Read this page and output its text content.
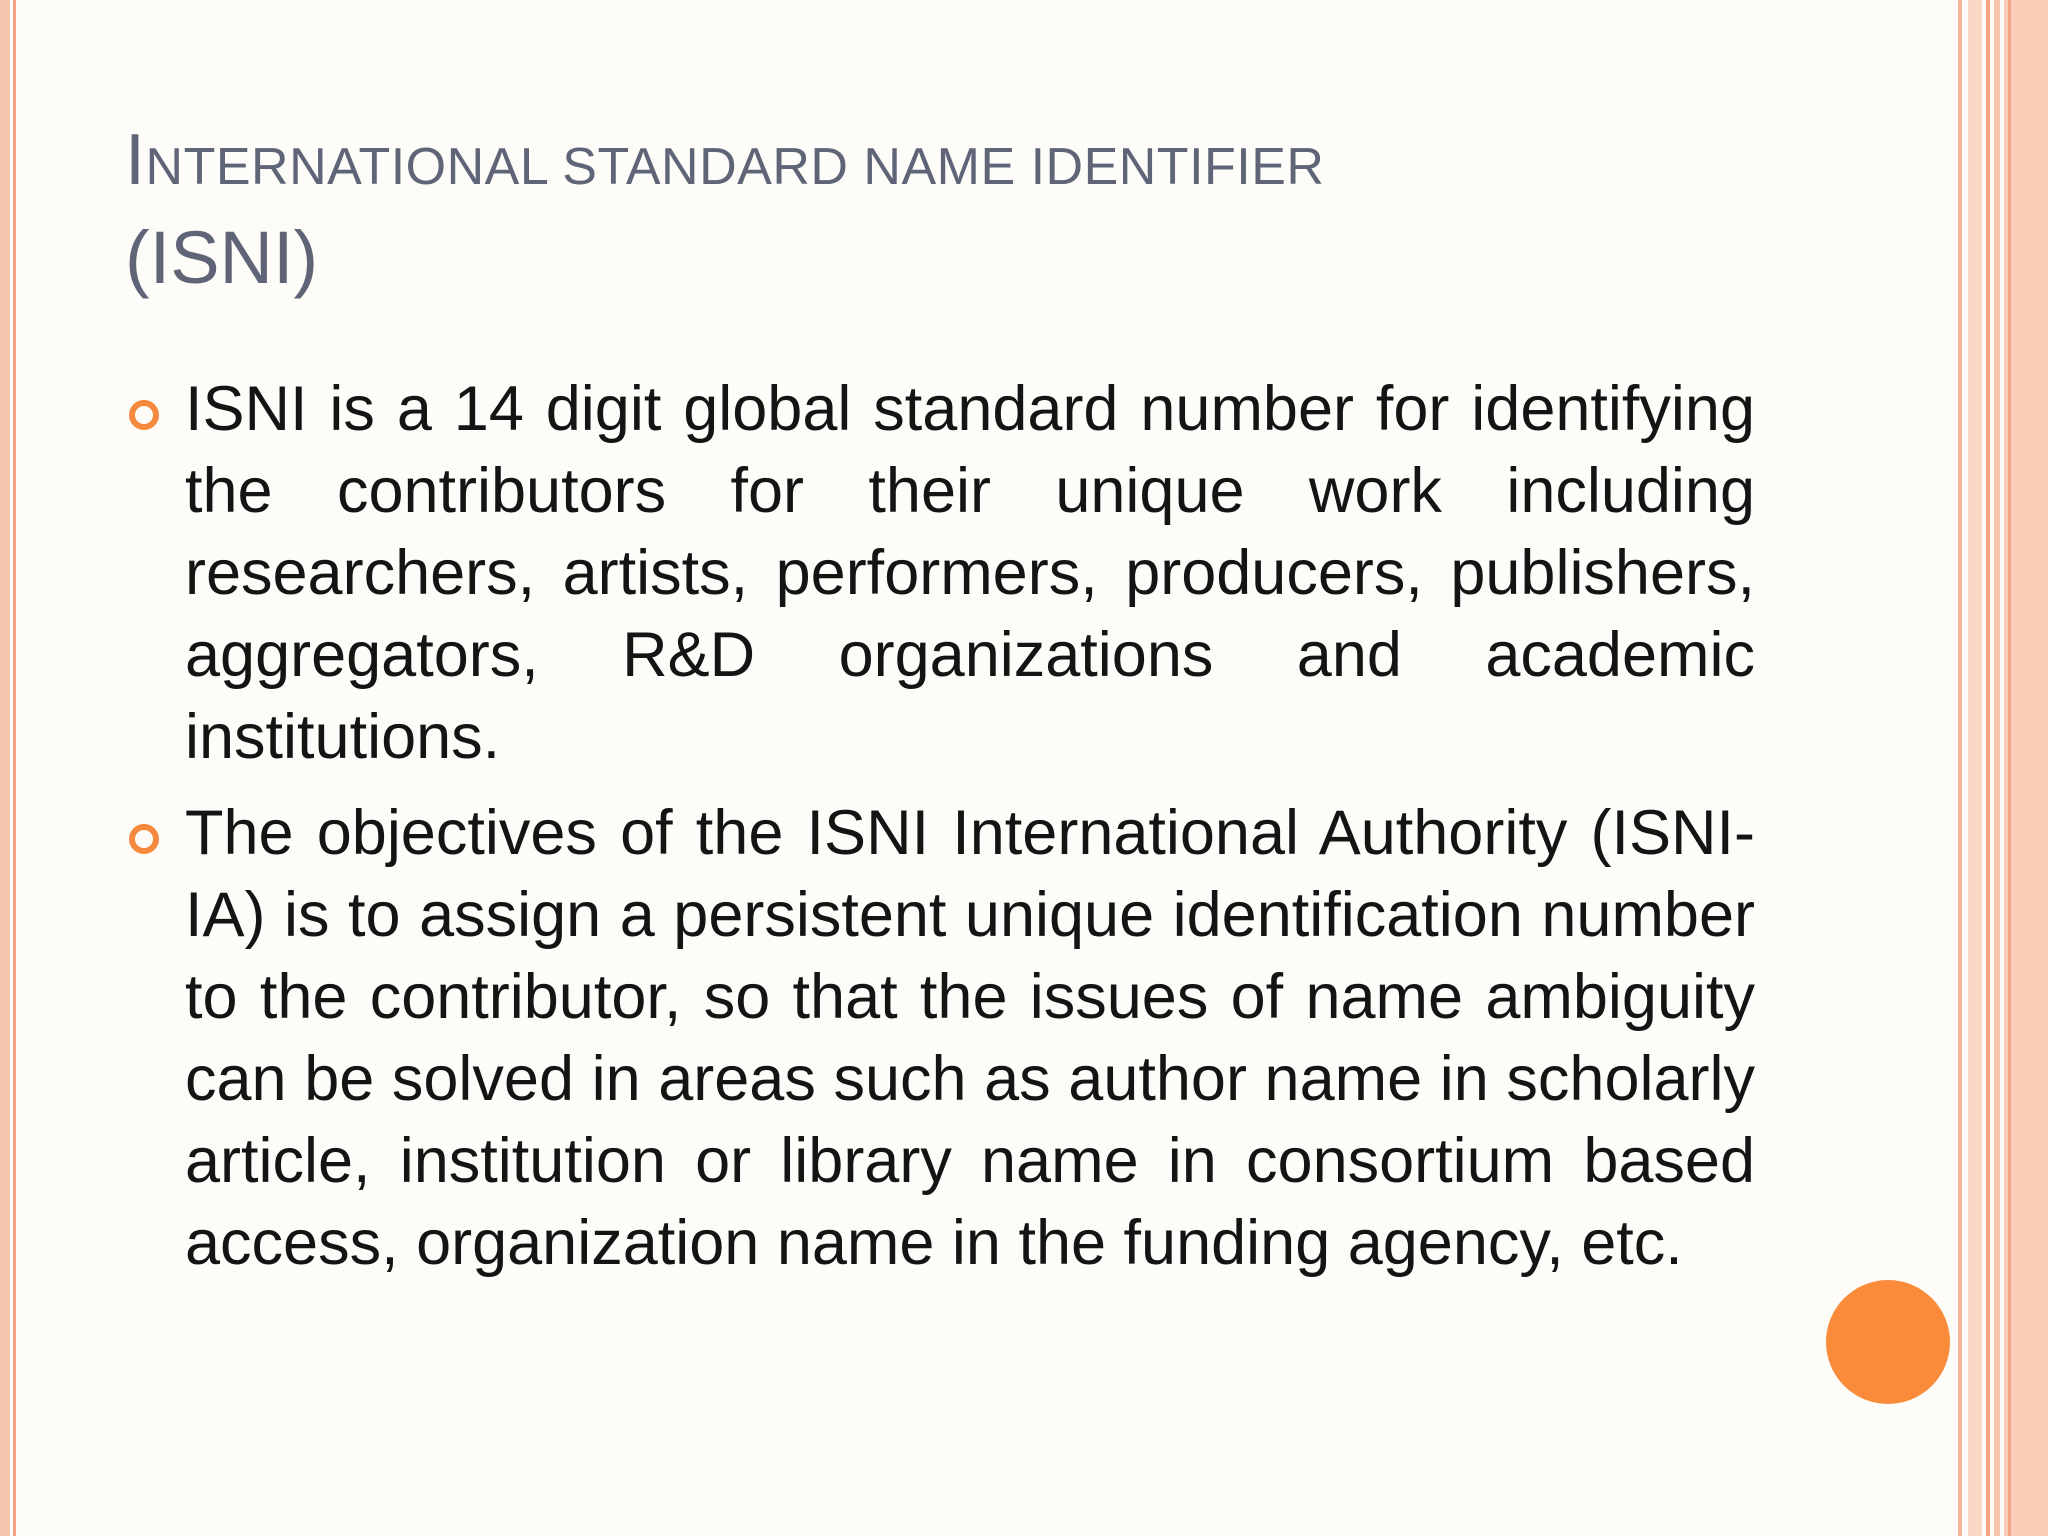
INTERNATIONAL STANDARD NAME IDENTIFIER
(ISNI)
ISNI is a 14 digit global standard number for identifying the contributors for their unique work including researchers, artists, performers, producers, publishers, aggregators, R&D organizations and academic institutions.
The objectives of the ISNI International Authority (ISNI-IA) is to assign a persistent unique identification number to the contributor, so that the issues of name ambiguity can be solved in areas such as author name in scholarly article, institution or library name in consortium based access, organization name in the funding agency, etc.
